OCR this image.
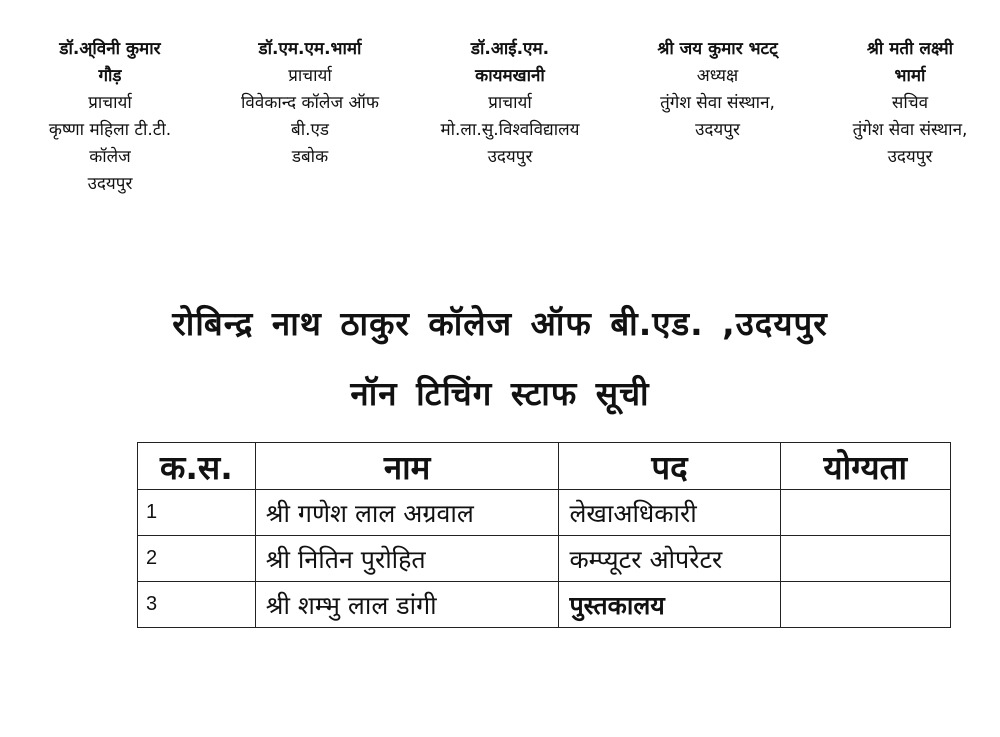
डॉ.अ्विनी कुमार
गौड़
प्राचार्या
कृष्णा महिला टी.टी.
कॉलेज
उदयपुर
डॉ.एम.एम.भार्मा
प्राचार्या
विवेकान्द कॉलेज ऑफ
बी.एड
डबोक
डॉ.आई.एम.
कायमखानी
प्राचार्या
मो.ला.सु.विश्वविद्यालय
उदयपुर
श्री जय कुमार भटट्
अध्यक्ष
तुंगेश सेवा संस्थान,
उदयपुर
श्री मती लक्ष्मी
भार्मा
सचिव
तुंगेश सेवा संस्थान,
उदयपुर
रोबिन्द्र नाथ ठाकुर कॉलेज ऑफ बी.एड. ,उदयपुर
नॉन टिचिंग स्टाफ सूची
क.स.	नाम	पद	योग्यता
1	श्री गणेश लाल अग्रवाल	लेखाअधिकारी	
2	श्री नितिन पुरोहित	कम्प्यूटर ओपरेटर	
3	श्री शम्भु लाल डांगी	पुस्तकालय	
